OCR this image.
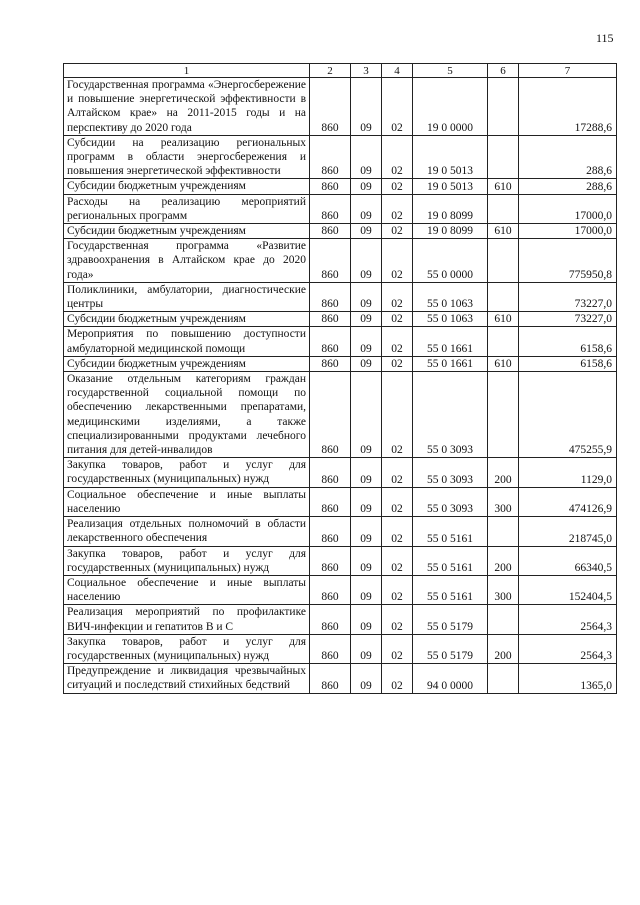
115
1	2	3	4	5	6	7
Государственная программа «Энергосбережение и повышение энергетической эффективности в Алтайском крае» на 2011-2015 годы и на перспективу до 2020 года	860	09	02	19 0 0000		17288,6
Субсидии на реализацию региональных программ в области энергосбережения и повышения энергетической эффективности	860	09	02	19 0 5013		288,6
Субсидии бюджетным учреждениям	860	09	02	19 0 5013	610	288,6
Расходы на реализацию мероприятий региональных программ	860	09	02	19 0 8099		17000,0
Субсидии бюджетным учреждениям	860	09	02	19 0 8099	610	17000,0
Государственная программа «Развитие здравоохранения в Алтайском крае до 2020 года»	860	09	02	55 0 0000		775950,8
Поликлиники, амбулатории, диагностические центры	860	09	02	55 0 1063		73227,0
Субсидии бюджетным учреждениям	860	09	02	55 0 1063	610	73227,0
Мероприятия по повышению доступности амбулаторной медицинской помощи	860	09	02	55 0 1661		6158,6
Субсидии бюджетным учреждениям	860	09	02	55 0 1661	610	6158,6
Оказание отдельным категориям граждан государственной социальной помощи по обеспечению лекарственными препаратами, медицинскими изделиями, а также специализированными продуктами лечебного питания для детей-инвалидов	860	09	02	55 0 3093		475255,9
Закупка товаров, работ и услуг для государственных (муниципальных) нужд	860	09	02	55 0 3093	200	1129,0
Социальное обеспечение и иные выплаты населению	860	09	02	55 0 3093	300	474126,9
Реализация отдельных полномочий в области лекарственного обеспечения	860	09	02	55 0 5161		218745,0
Закупка товаров, работ и услуг для государственных (муниципальных) нужд	860	09	02	55 0 5161	200	66340,5
Социальное обеспечение и иные выплаты населению	860	09	02	55 0 5161	300	152404,5
Реализация мероприятий по профилактике ВИЧ-инфекции и гепатитов В и С	860	09	02	55 0 5179		2564,3
Закупка товаров, работ и услуг для государственных (муниципальных) нужд	860	09	02	55 0 5179	200	2564,3
Предупреждение и ликвидация чрезвычайных ситуаций и последствий стихийных бедствий	860	09	02	94 0 0000		1365,0
